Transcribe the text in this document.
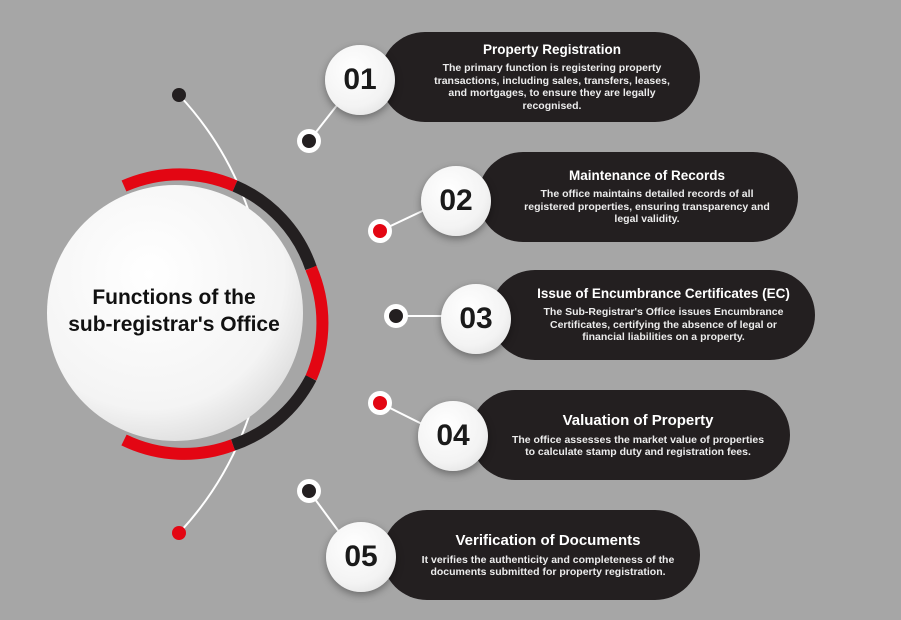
Functions of the
sub-registrar's Office

Property Registration

The primary function is registering property transactions, including sales, transfers, leases, and mortgages, to ensure they are legally recognised.

01

Maintenance of Records

The office maintains detailed records of all registered properties, ensuring transparency and legal validity.

02

Issue of Encumbrance Certificates (EC)

The Sub-Registrar's Office issues Encumbrance Certificates, certifying the absence of legal or financial liabilities on a property.

03

Valuation of Property

The office assesses the market value of properties to calculate stamp duty and registration fees.

04

Verification of Documents

It verifies the authenticity and completeness of the documents submitted for property registration.

05
